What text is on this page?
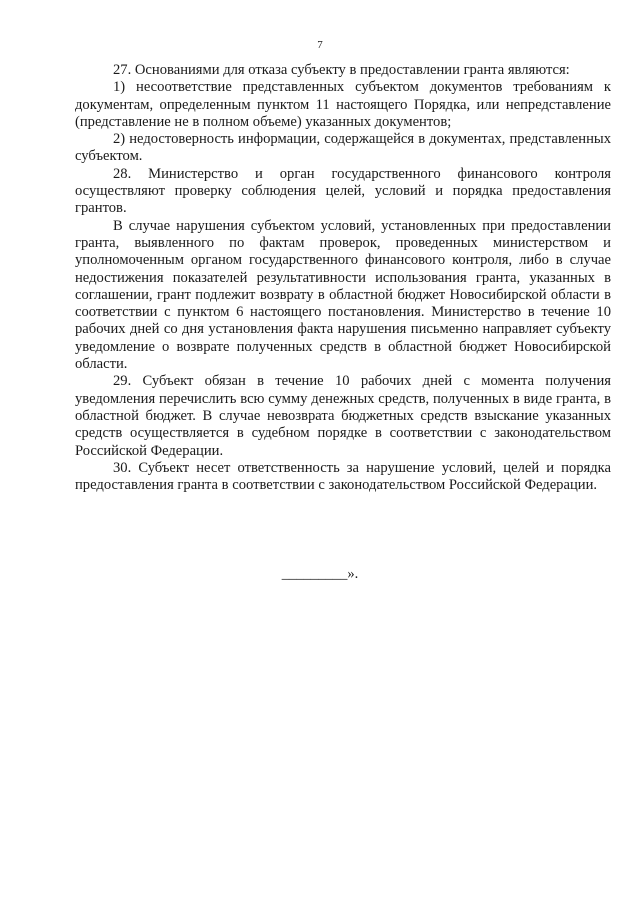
7

27. Основаниями для отказа субъекту в предоставлении гранта являются:

1) несоответствие представленных субъектом документов требованиям к документам, определенным пунктом 11 настоящего Порядка, или непредставление (представление не в полном объеме) указанных документов;

2) недостоверность информации, содержащейся в документах, представленных субъектом.

28. Министерство и орган государственного финансового контроля осуществляют проверку соблюдения целей, условий и порядка предоставления грантов.

В случае нарушения субъектом условий, установленных при предоставлении гранта, выявленного по фактам проверок, проведенных министерством и уполномоченным органом государственного финансового контроля, либо в случае недостижения показателей результативности использования гранта, указанных в соглашении, грант подлежит возврату в областной бюджет Новосибирской области в соответствии с пунктом 6 настоящего постановления. Министерство в течение 10 рабочих дней со дня установления факта нарушения письменно направляет субъекту уведомление о возврате полученных средств в областной бюджет Новосибирской области.

29. Субъект обязан в течение 10 рабочих дней с момента получения уведомления перечислить всю сумму денежных средств, полученных в виде гранта, в областной бюджет. В случае невозврата бюджетных средств взыскание указанных средств осуществляется в судебном порядке в соответствии с законодательством Российской Федерации.

30. Субъект несет ответственность за нарушение условий, целей и порядка предоставления гранта в соответствии с законодательством Российской Федерации.

_________».
